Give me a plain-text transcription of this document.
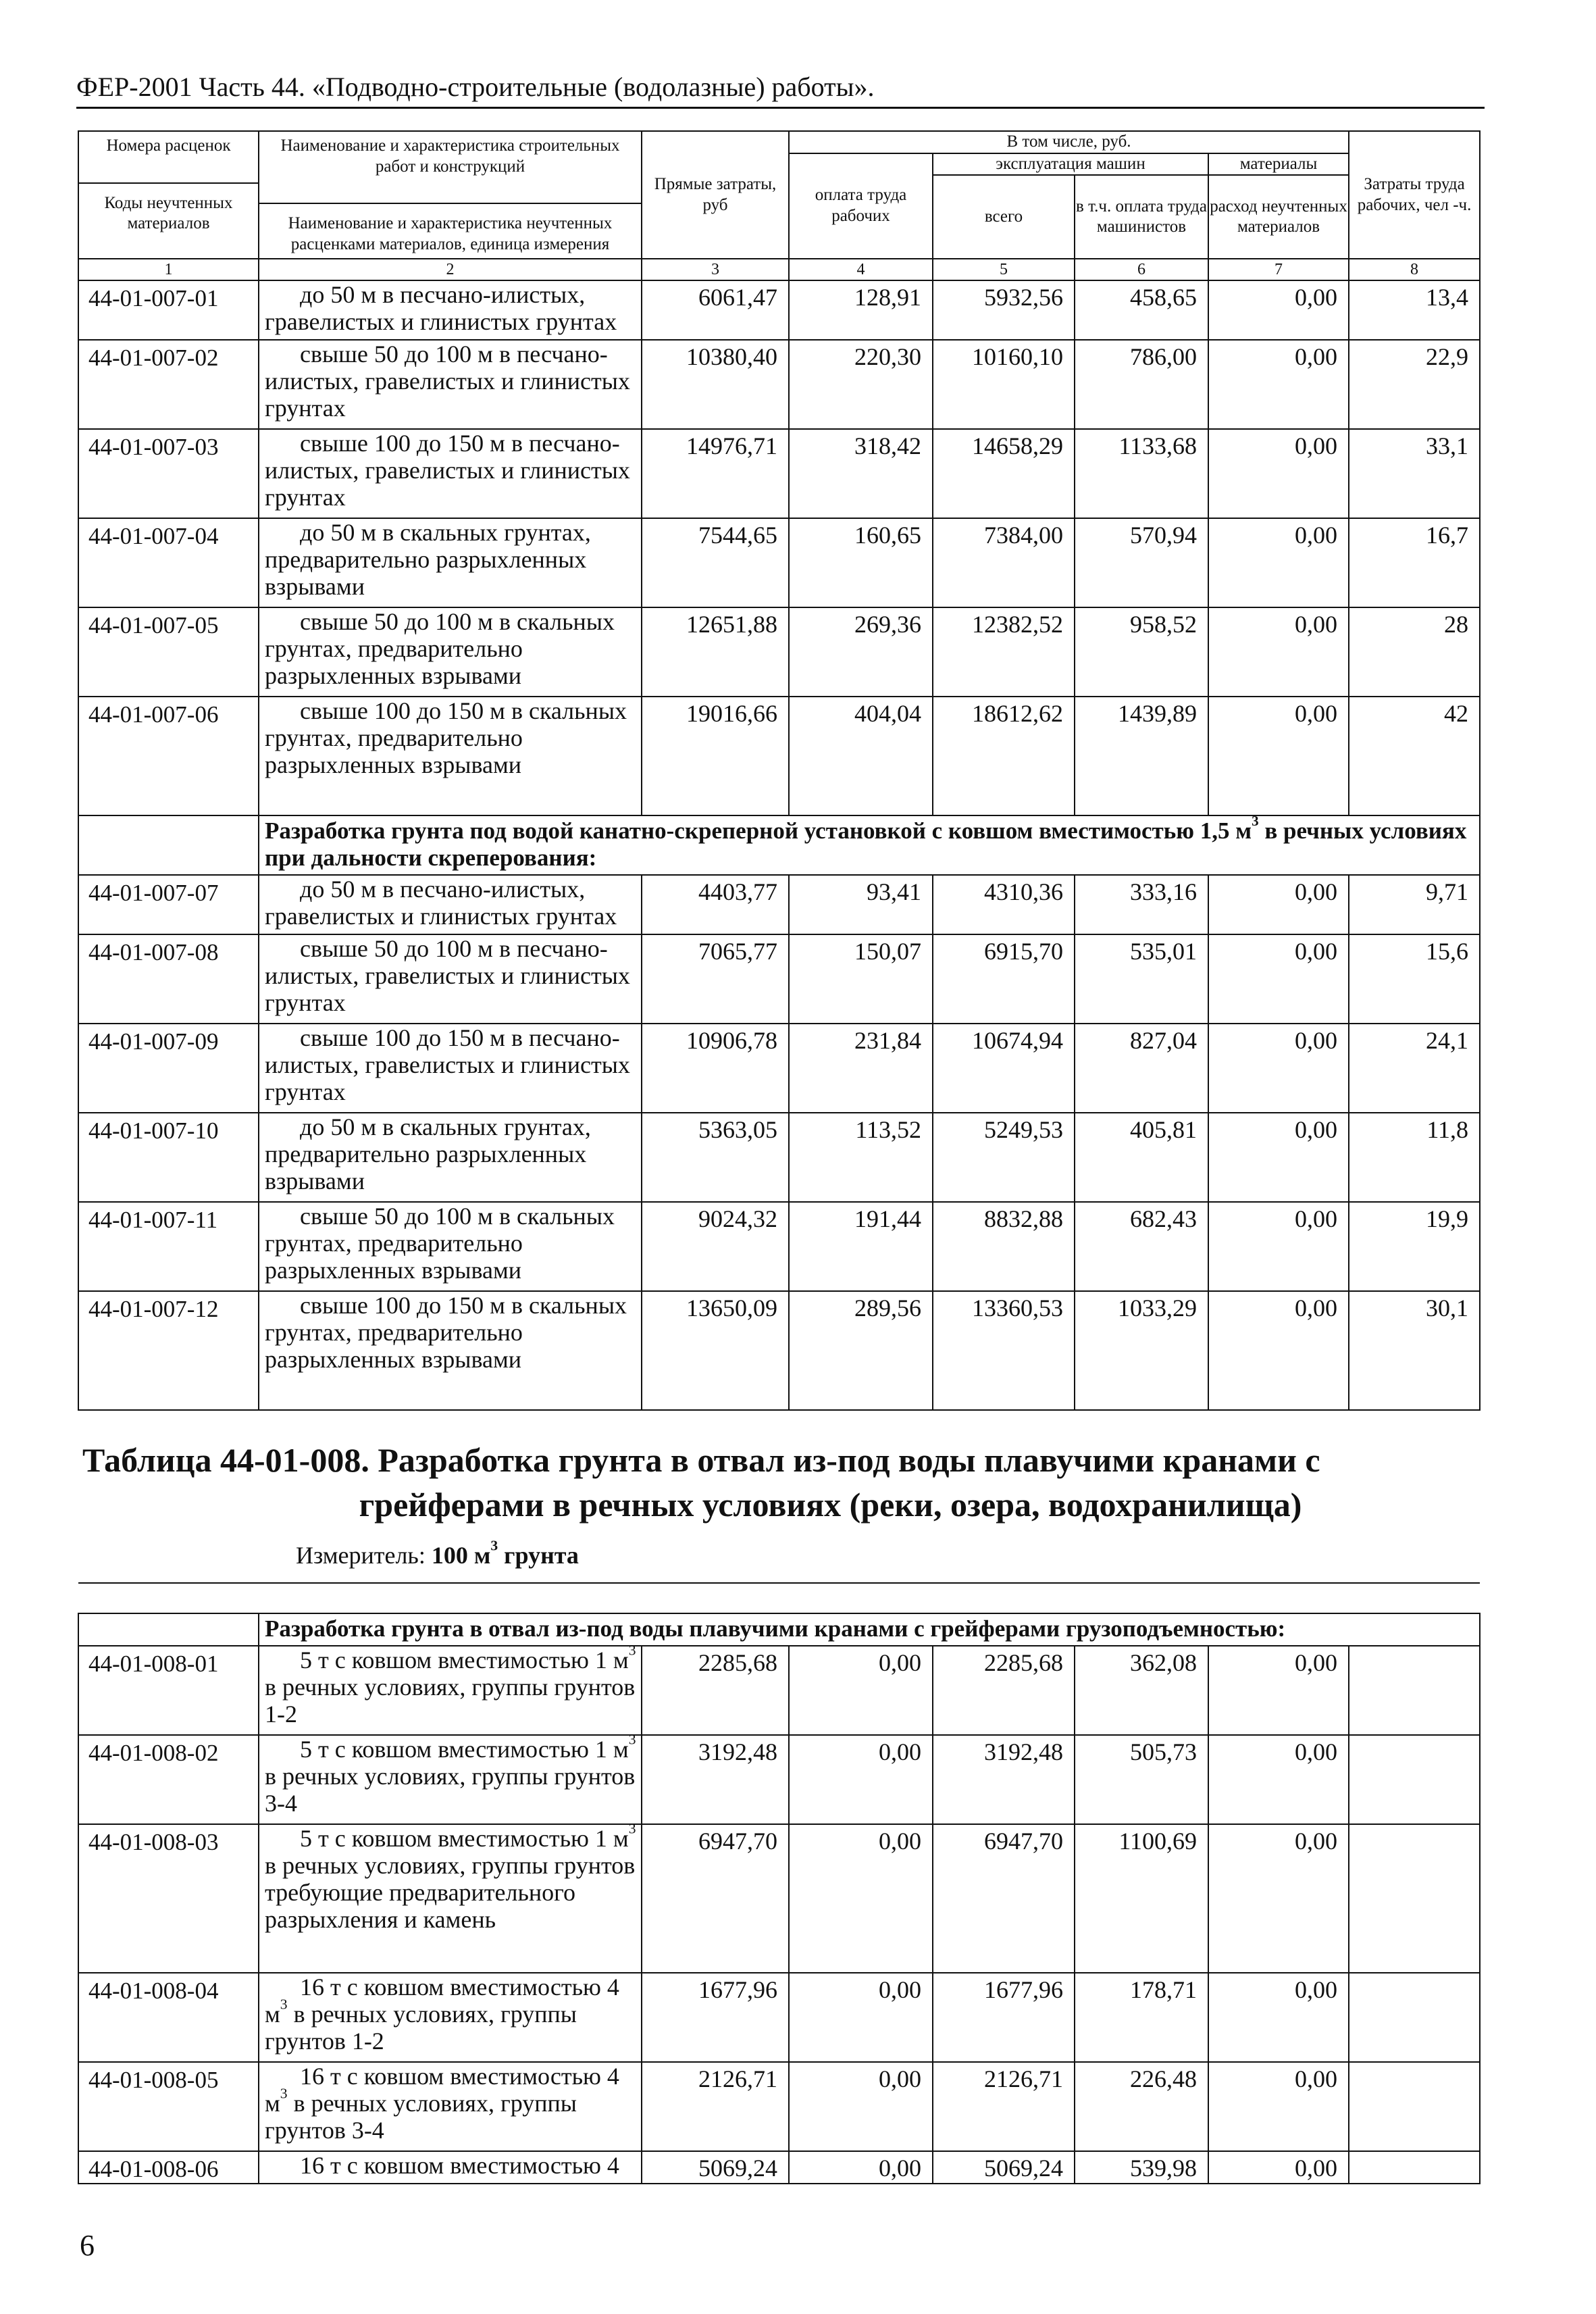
ФЕР-2001 Часть 44. «Подводно-строительные (водолазные) работы».
Номера расценок
Коды неучтенных материалов	Наименование и характеристика строительных работ и конструкций
Наименование и характеристика неучтенных расценками материалов, единица измерения	Прямые затраты, руб	В том числе, руб.				Затраты труда рабочих, чел -ч.
			оплата труда рабочих	эксплуатация машин		материалы	
				всего	в т.ч. оплата труда машинистов	расход неучтенных материалов	
1	2	3	4	5	6	7	8
44-01-007-01	до 50 м в песчано-илистых, гравелистых и глинистых грунтах	6061,47	128,91	5932,56	458,65	0,00	13,4
44-01-007-02	свыше 50 до 100 м в песчано-илистых, гравелистых и глинистых грунтах	10380,40	220,30	10160,10	786,00	0,00	22,9
44-01-007-03	свыше 100 до 150 м в песчано-илистых, гравелистых и глинистых грунтах	14976,71	318,42	14658,29	1133,68	0,00	33,1
44-01-007-04	до 50 м в скальных грунтах, предварительно разрыхленных взрывами	7544,65	160,65	7384,00	570,94	0,00	16,7
44-01-007-05	свыше 50 до 100 м в скальных грунтах, предварительно разрыхленных взрывами	12651,88	269,36	12382,52	958,52	0,00	28
44-01-007-06	свыше 100 до 150 м в скальных грунтах, предварительно разрыхленных взрывами	19016,66	404,04	18612,62	1439,89	0,00	42
	Разработка грунта под водой канатно-скреперной установкой с ковшом вместимостью 1,5 $м^3$ в речных условиях при дальности скреперования:						
44-01-007-07	до 50 м в песчано-илистых, гравелистых и глинистых грунтах	4403,77	93,41	4310,36	333,16	0,00	9,71
44-01-007-08	свыше 50 до 100 м в песчано-илистых, гравелистых и глинистых грунтах	7065,77	150,07	6915,70	535,01	0,00	15,6
44-01-007-09	свыше 100 до 150 м в песчано-илистых, гравелистых и глинистых грунтах	10906,78	231,84	10674,94	827,04	0,00	24,1
44-01-007-10	до 50 м в скальных грунтах, предварительно разрыхленных взрывами	5363,05	113,52	5249,53	405,81	0,00	11,8
44-01-007-11	свыше 50 до 100 м в скальных грунтах, предварительно разрыхленных взрывами	9024,32	191,44	8832,88	682,43	0,00	19,9
44-01-007-12	свыше 100 до 150 м в скальных грунтах, предварительно разрыхленных взрывами	13650,09	289,56	13360,53	1033,29	0,00	30,1

Таблица 44-01-008. Разработка грунта в отвал из-под воды плавучими кранами с
грейферами в речных условиях (реки, озера, водохранилища)
Измеритель: 100 $м^3$ грунта							
	Разработка грунта в отвал из-под воды плавучими кранами с грейферами грузоподъемностью:						
44-01-008-01	5 т с ковшом вместимостью 1 $м^3$ в речных условиях, группы грунтов 1-2	2285,68	0,00	2285,68	362,08	0,00	
44-01-008-02	5 т с ковшом вместимостью 1 $м^3$ в речных условиях, группы грунтов 3-4	3192,48	0,00	3192,48	505,73	0,00	
44-01-008-03	5 т с ковшом вместимостью 1 $м^3$ в речных условиях, группы грунтов требующие предварительного разрыхления и камень	6947,70	0,00	6947,70	1100,69	0,00	
44-01-008-04	16 т с ковшом вместимостью 4 $м^3$ в речных условиях, группы грунтов 1-2	1677,96	0,00	1677,96	178,71	0,00	
44-01-008-05	16 т с ковшом вместимостью 4 $м^3$ в речных условиях, группы грунтов 3-4	2126,71	0,00	2126,71	226,48	0,00	
44-01-008-06	16 т с ковшом вместимостью 4	5069,24	0,00	5069,24	539,98	0,00	
6
